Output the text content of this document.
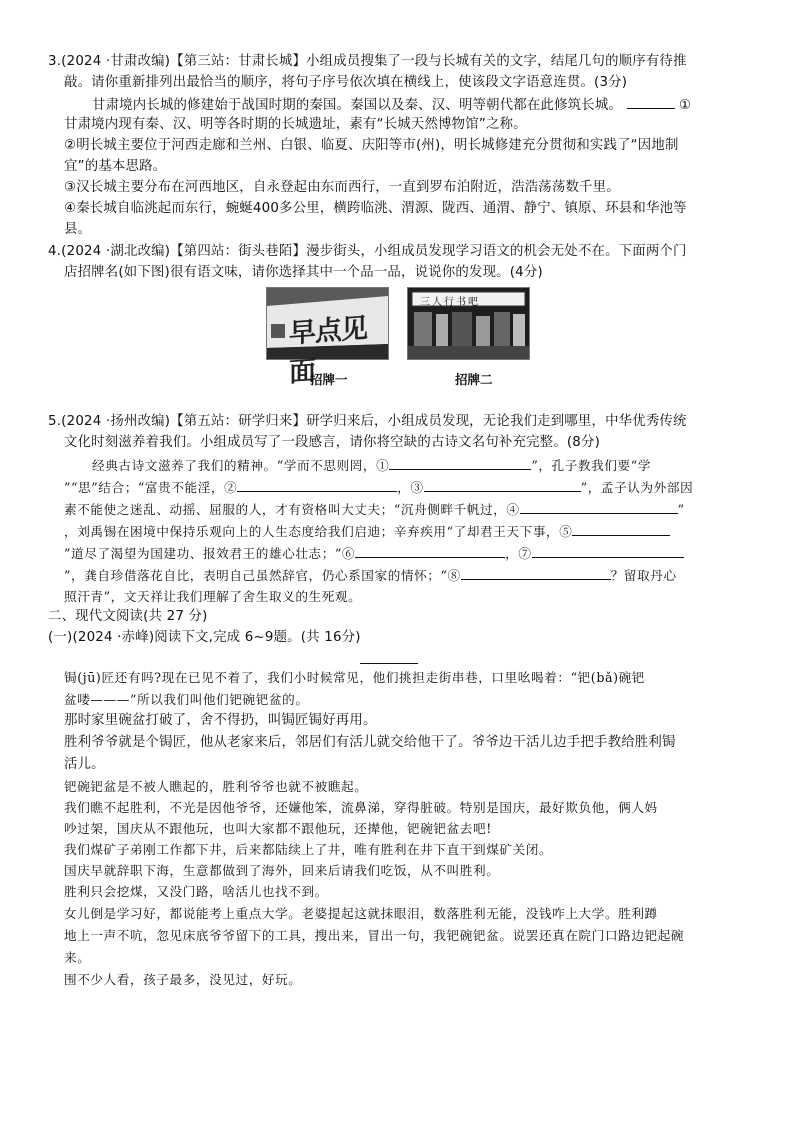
3.(2024 ·甘肃改编)【第三站：甘肃长城】小组成员搜集了一段与长城有关的文字，结尾几句的顺序有待推
敲。请你重新排列出最恰当的顺序，将句子序号依次填在横线上，使该段文字语意连贯。(3分)
甘肃境内长城的修建始于战国时期的秦国。秦国以及秦、汉、明等朝代都在此修筑长城。	①
甘肃境内现有秦、汉、明等各时期的长城遗址，素有“长城天然博物馆”之称。
②明长城主要位于河西走廊和兰州、白银、临夏、庆阳等市(州)，明长城修建充分贯彻和实践了“因地制
宜”的基本思路。
③汉长城主要分布在河西地区，自永登起由东而西行，一直到罗布泊附近，浩浩荡荡数千里。
④秦长城自临洮起而东行，蜿蜒400多公里，横跨临洮、渭源、陇西、通渭、静宁、镇原、环县和华池等
县。
4.(2024 ·湖北改编)【第四站：街头巷陌】漫步街头，小组成员发现学习语文的机会无处不在。下面两个门
店招牌名(如下图)很有语文味，请你选择其中一个品一品，说说你的发现。(4分)
早点见面
三人行书吧
招牌一	招牌二
5.(2024 ·扬州改编)【第五站：研学归来】研学归来后，小组成员发现，无论我们走到哪里，中华优秀传统
文化时刻滋养着我们。小组成员写了一段感言，请你将空缺的古诗文名句补充完整。(8分)
经典古诗文滋养了我们的精神。“学而不思则罔，①	”，孔子教我们要“学
”“思”结合；“富贵不能淫，②	，③	”，孟子认为外部因
素不能使之迷乱、动摇、屈服的人，才有资格叫大丈夫；“沉舟侧畔千帆过，④	”
，刘禹锡在困境中保持乐观向上的人生态度给我们启迪；辛弃疾用“了却君王天下事，⑤
”道尽了渴望为国建功、报效君王的雄心壮志；“⑥	，⑦
”，龚自珍借落花自比，表明自己虽然辞官，仍心系国家的情怀；“⑧	？留取丹心
照汗青”，文天祥让我们理解了舍生取义的生死观。
二、现代文阅读(共 27 分)
(一)(2024 ·赤峰)阅读下文,完成 6~9题。(共 16分)
锔(jū)匠还有吗?现在已见不着了，我们小时候常见，他们挑担走街串巷，口里吆喝着：“钯(bǎ)碗钯
盆喽———”所以我们叫他们钯碗钯盆的。
那时家里碗盆打破了，舍不得扔，叫锔匠锔好再用。
胜利爷爷就是个锔匠，他从老家来后，邻居们有活儿就交给他干了。爷爷边干活儿边手把手教给胜利锔
活儿。
钯碗钯盆是不被人瞧起的，胜利爷爷也就不被瞧起。
我们瞧不起胜利，不光是因他爷爷，还嫌他笨，流鼻涕，穿得脏破。特别是国庆，最好欺负他，俩人妈
吵过架，国庆从不跟他玩，也叫大家都不跟他玩，还撵他，钯碗钯盆去吧!
我们煤矿子弟刚工作都下井，后来都陆续上了井，唯有胜利在井下直干到煤矿关闭。
国庆早就辞职下海，生意都做到了海外，回来后请我们吃饭，从不叫胜利。
胜利只会挖煤，又没门路，啥活儿也找不到。
女儿倒是学习好，都说能考上重点大学。老婆提起这就抹眼泪，数落胜利无能，没钱咋上大学。胜利蹲
地上一声不吭，忽见床底爷爷留下的工具，搜出来，冒出一句，我钯碗钯盆。说罢还真在院门口路边钯起碗
来。
围不少人看，孩子最多，没见过，好玩。
